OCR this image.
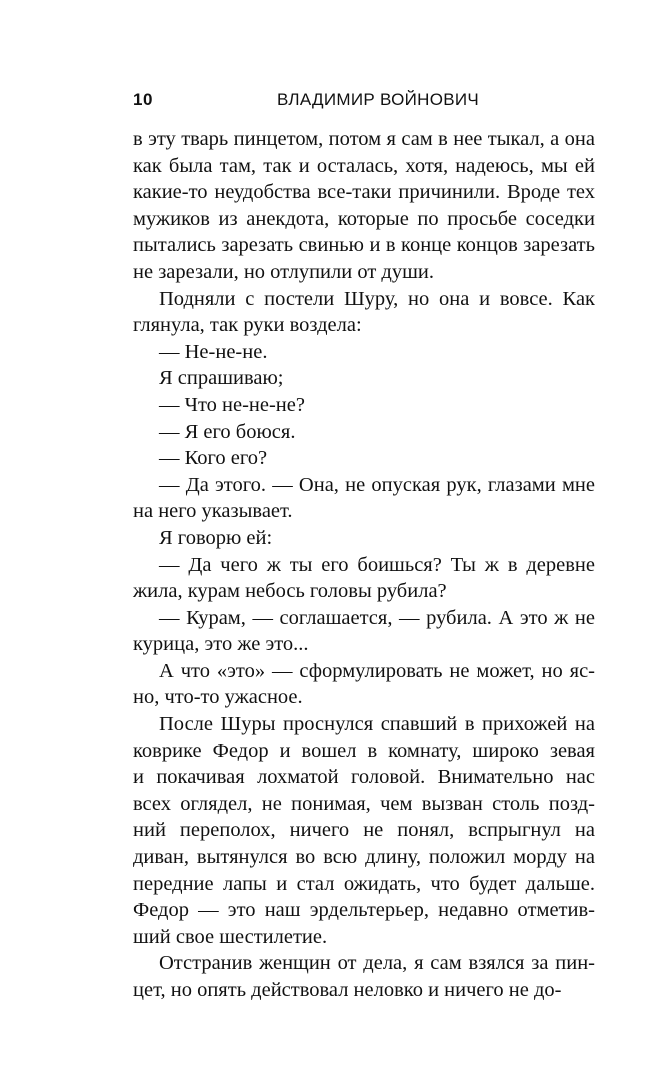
10	ВЛАДИМИР ВОЙНОВИЧ

в эту тварь пинцетом, потом я сам в нее тыкал, а она
как была там, так и осталась, хотя, надеюсь, мы ей
какие-то неудобства все-таки причинили. Вроде тех
мужиков из анекдота, которые по просьбе соседки
пытались зарезать свинью и в конце концов зарезать
не зарезали, но отлупили от души.

Подняли с постели Шуру, но она и вовсе. Как
глянула, так руки воздела:

— Не-не-не.

Я спрашиваю;

— Что не-не-не?

— Я его боюся.

— Кого его?

— Да этого. — Она, не опуская рук, глазами мне
на него указывает.

Я говорю ей:

— Да чего ж ты его боишься? Ты ж в деревне
жила, курам небось головы рубила?

— Курам, — соглашается, — рубила. А это ж не
курица, это же это...

А что «это» — сформулировать не может, но яс-
но, что-то ужасное.

После Шуры проснулся спавший в прихожей на
коврике Федор и вошел в комнату, широко зевая
и покачивая лохматой головой. Внимательно нас
всех оглядел, не понимая, чем вызван столь позд-
ний переполох, ничего не понял, вспрыгнул на
диван, вытянулся во всю длину, положил морду на
передние лапы и стал ожидать, что будет дальше.
Федор — это наш эрдельтерьер, недавно отметив-
ший свое шестилетие.

Отстранив женщин от дела, я сам взялся за пин-
цет, но опять действовал неловко и ничего не до-
